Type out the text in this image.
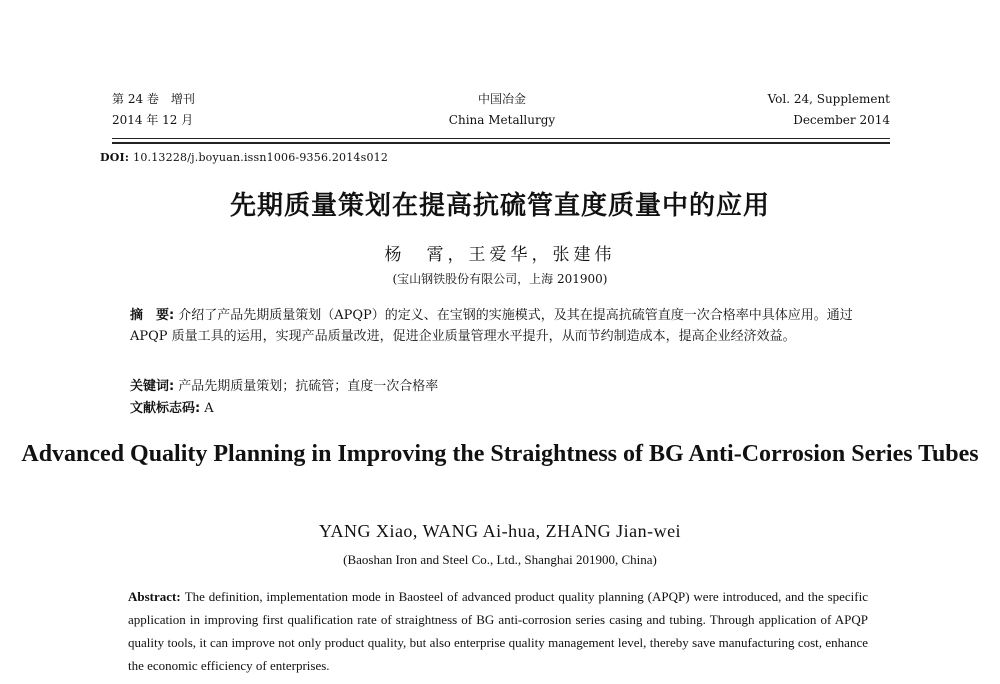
第 24 卷　增刊
2014 年 12 月
中国冶金
China Metallurgy
Vol. 24, Supplement
December 2014
DOI: 10.13228/j.boyuan.issn1006-9356.2014s012
先期质量策划在提高抗硫管直度质量中的应用
杨　霄，王爱华，张建伟
(宝山钢铁股份有限公司，上海 201900)
摘　要: 介绍了产品先期质量策划（APQP）的定义、在宝钢的实施模式，及其在提高抗硫管直度一次合格率中具体应用。通过 APQP 质量工具的运用，实现产品质量改进，促进企业质量管理水平提升，从而节约制造成本，提高企业经济效益。
关键词: 产品先期质量策划；抗硫管；直度一次合格率
文献标志码: A
Advanced Quality Planning in Improving the Straightness of BG Anti-Corrosion Series Tubes
YANG Xiao, WANG Ai-hua, ZHANG Jian-wei
(Baoshan Iron and Steel Co., Ltd., Shanghai 201900, China)
Abstract: The definition, implementation mode in Baosteel of advanced product quality planning (APQP) were introduced, and the specific application in improving first qualification rate of straightness of BG anti-corrosion series casing and tubing. Through application of APQP quality tools, it can improve not only product quality, but also enterprise quality management level, thereby save manufacturing cost, enhance the economic efficiency of enterprises.
